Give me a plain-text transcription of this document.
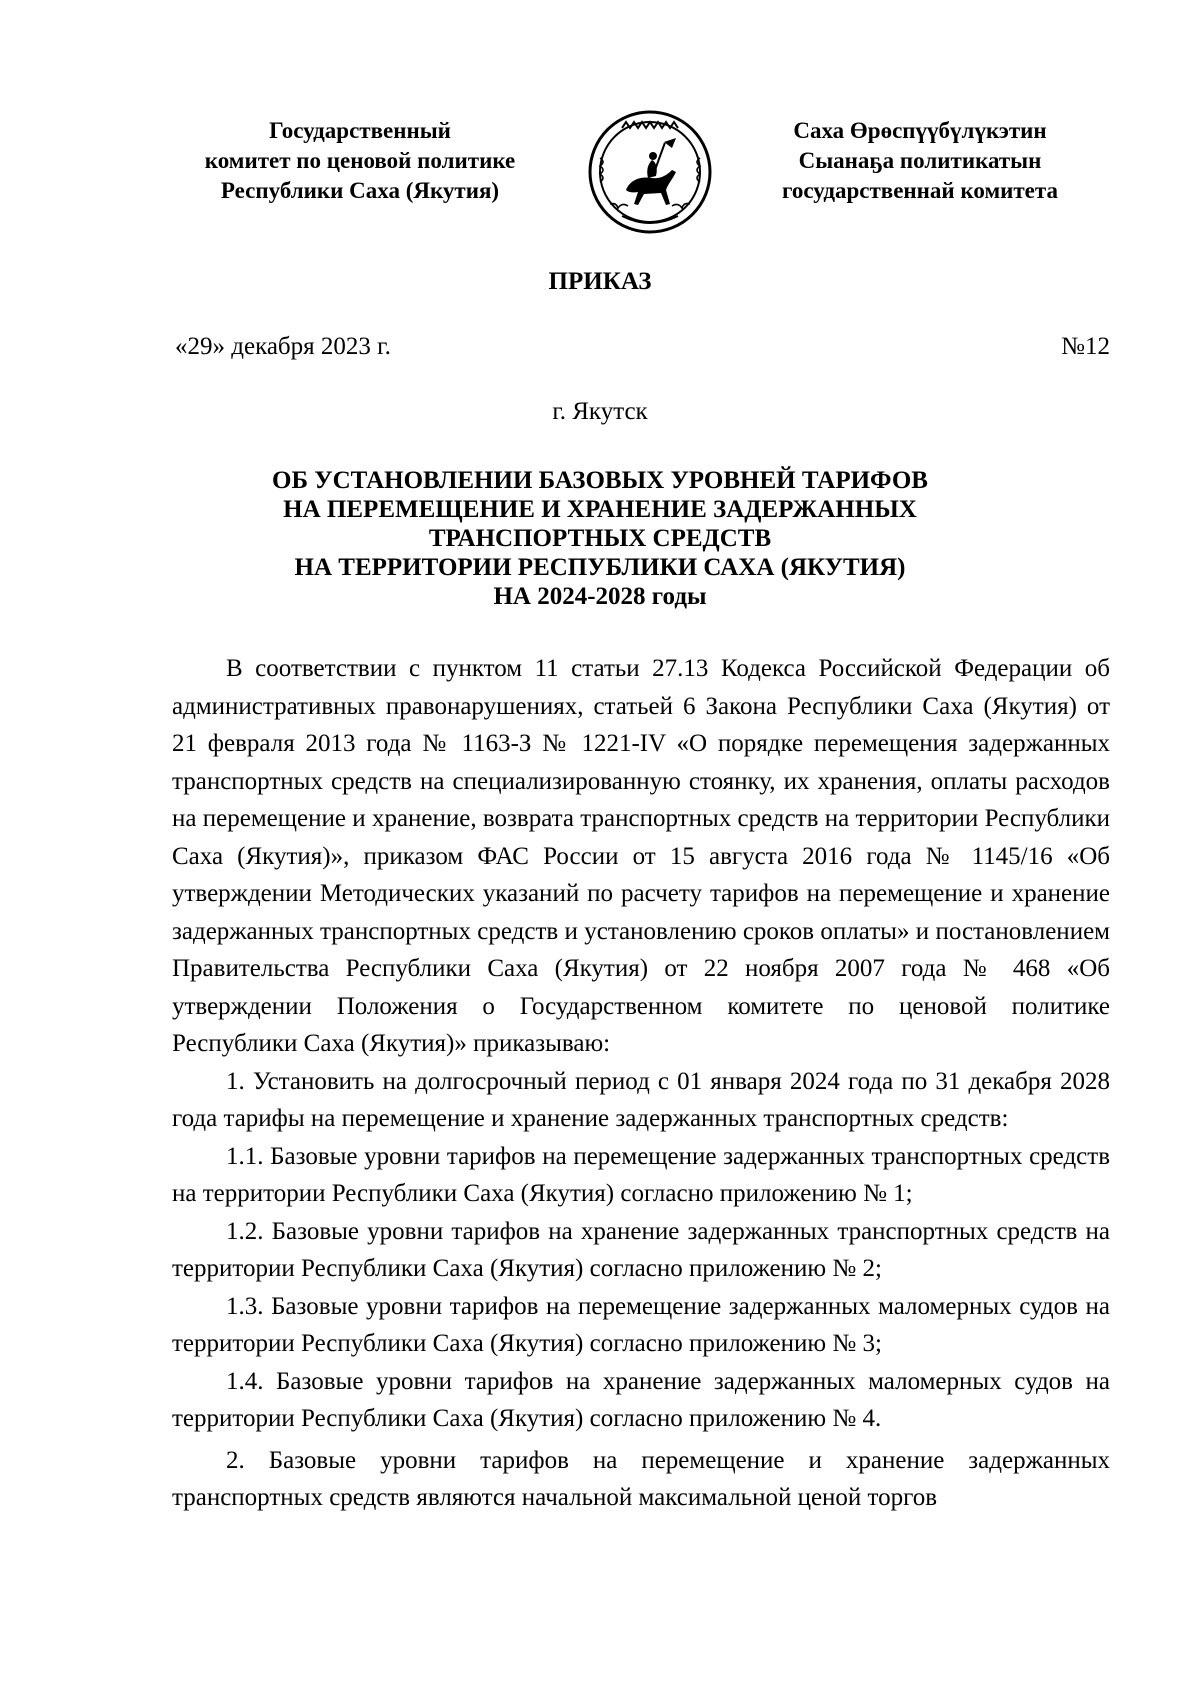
Государственный
комитет по ценовой политике
Республики Саха (Якутия)
Саха Өрөспүүбүлүкэтин
Сыанаҕа политикатын
государственнай комитета
ПРИКАЗ
«29» декабря 2023 г.	№12
г. Якутск
ОБ УСТАНОВЛЕНИИ БАЗОВЫХ УРОВНЕЙ ТАРИФОВ
НА ПЕРЕМЕЩЕНИЕ И ХРАНЕНИЕ ЗАДЕРЖАННЫХ
ТРАНСПОРТНЫХ СРЕДСТВ
НА ТЕРРИТОРИИ РЕСПУБЛИКИ САХА (ЯКУТИЯ)
НА 2024-2028 годы

В соответствии с пунктом 11 статьи 27.13 Кодекса Российской Федерации об административных правонарушениях, статьей 6 Закона Республики Саха (Якутия) от 21 февраля 2013 года № 1163-З № 1221-IV «О порядке перемещения задержанных транспортных средств на специализированную стоянку, их хранения, оплаты расходов на перемещение и хранение, возврата транспортных средств на территории Республики Саха (Якутия)», приказом ФАС России от 15 августа 2016 года № 1145/16 «Об утверждении Методических указаний по расчету тарифов на перемещение и хранение задержанных транспортных средств и установлению сроков оплаты» и постановлением Правительства Республики Саха (Якутия) от 22 ноября 2007 года № 468 «Об утверждении Положения о Государственном комитете по ценовой политике Республики Саха (Якутия)» приказываю:

1. Установить на долгосрочный период с 01 января 2024 года по 31 декабря 2028 года тарифы на перемещение и хранение задержанных транспортных средств:

1.1. Базовые уровни тарифов на перемещение задержанных транспортных средств на территории Республики Саха (Якутия) согласно приложению № 1;

1.2. Базовые уровни тарифов на хранение задержанных транспортных средств на территории Республики Саха (Якутия) согласно приложению № 2;

1.3. Базовые уровни тарифов на перемещение задержанных маломерных судов на территории Республики Саха (Якутия) согласно приложению № 3;

1.4. Базовые уровни тарифов на хранение задержанных маломерных судов на территории Республики Саха (Якутия) согласно приложению № 4.

2. Базовые уровни тарифов на перемещение и хранение задержанных транспортных средств являются начальной максимальной ценой торгов
